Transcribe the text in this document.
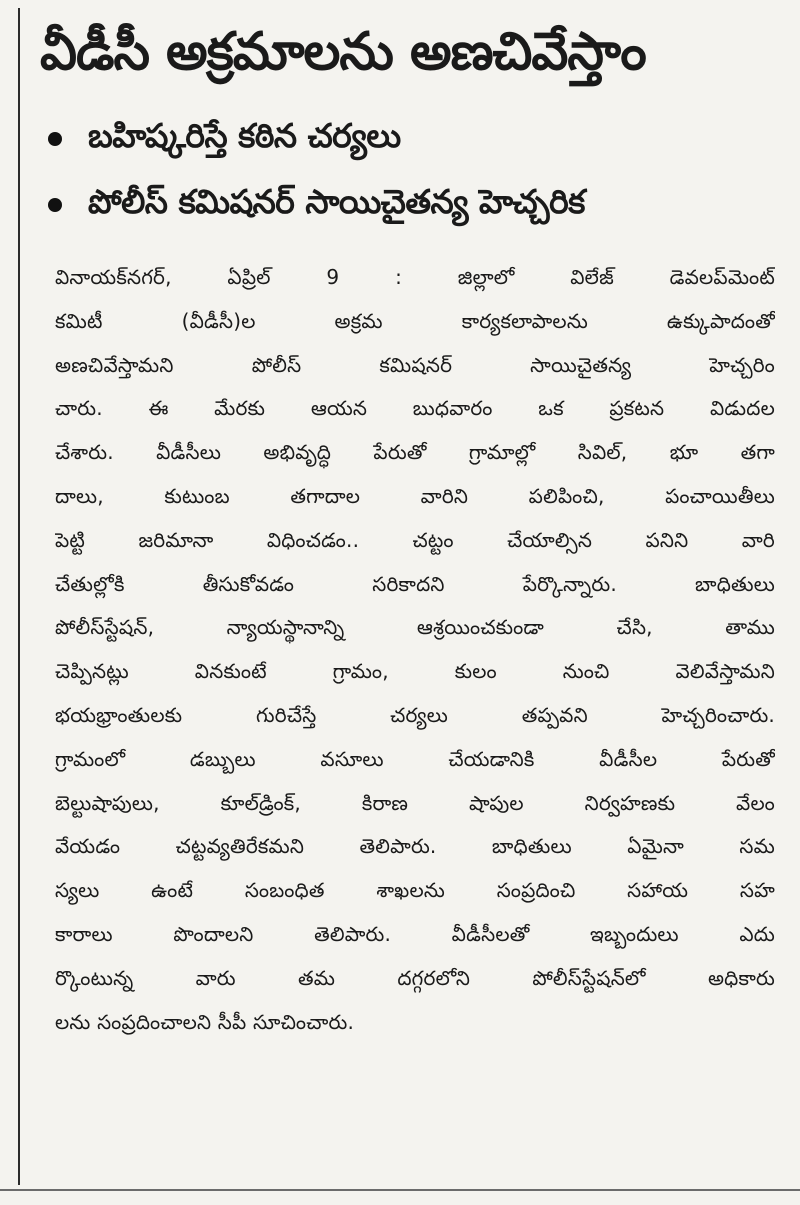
వీడీసీ అక్రమాలను అణచివేస్తాం
బహిష్కరిస్తే కఠిన చర్యలు
పోలీస్ కమిషనర్ సాయిచైతన్య హెచ్చరిక
వినాయక్‌నగర్, ఏప్రిల్ 9 : జిల్లాలో విలేజ్ డెవలప్‌మెంట్
కమిటీ (వీడీసీ)ల అక్రమ కార్యకలాపాలను ఉక్కుపాదంతో
అణచివేస్తామని పోలీస్ కమిషనర్ సాయిచైతన్య హెచ్చరిం
చారు. ఈ మేరకు ఆయన బుధవారం ఒక ప్రకటన విడుదల
చేశారు. వీడీసీలు అభివృద్ధి పేరుతో గ్రామాల్లో సివిల్, భూ తగా
దాలు, కుటుంబ తగాదాల వారిని పలిపించి, పంచాయితీలు
పెట్టి జరిమానా విధించడం.. చట్టం చేయాల్సిన పనిని వారి
చేతుల్లోకి తీసుకోవడం సరికాదని పేర్కొన్నారు. బాధితులు
పోలీస్‌స్టేషన్, న్యాయస్థానాన్ని ఆశ్రయించకుండా చేసి, తాము
చెప్పినట్లు వినకుంటే గ్రామం, కులం నుంచి వెలివేస్తామని
భయభ్రాంతులకు గురిచేస్తే చర్యలు తప్పవని హెచ్చరించారు.
గ్రామంలో డబ్బులు వసూలు చేయడానికి వీడీసీల పేరుతో
బెల్టుషాపులు, కూల్‌డ్రింక్, కిరాణ షాపుల నిర్వహణకు వేలం
వేయడం చట్టవ్యతిరేకమని తెలిపారు. బాధితులు ఏమైనా సమ
స్యలు ఉంటే సంబంధిత శాఖలను సంప్రదించి సహాయ సహ
కారాలు పొందాలని తెలిపారు. వీడీసీలతో ఇబ్బందులు ఎదు
ర్కొంటున్న వారు తమ దగ్గరలోని పోలీస్‌స్టేషన్‌లో అధికారు
లను సంప్రదించాలని సీపీ సూచించారు.
